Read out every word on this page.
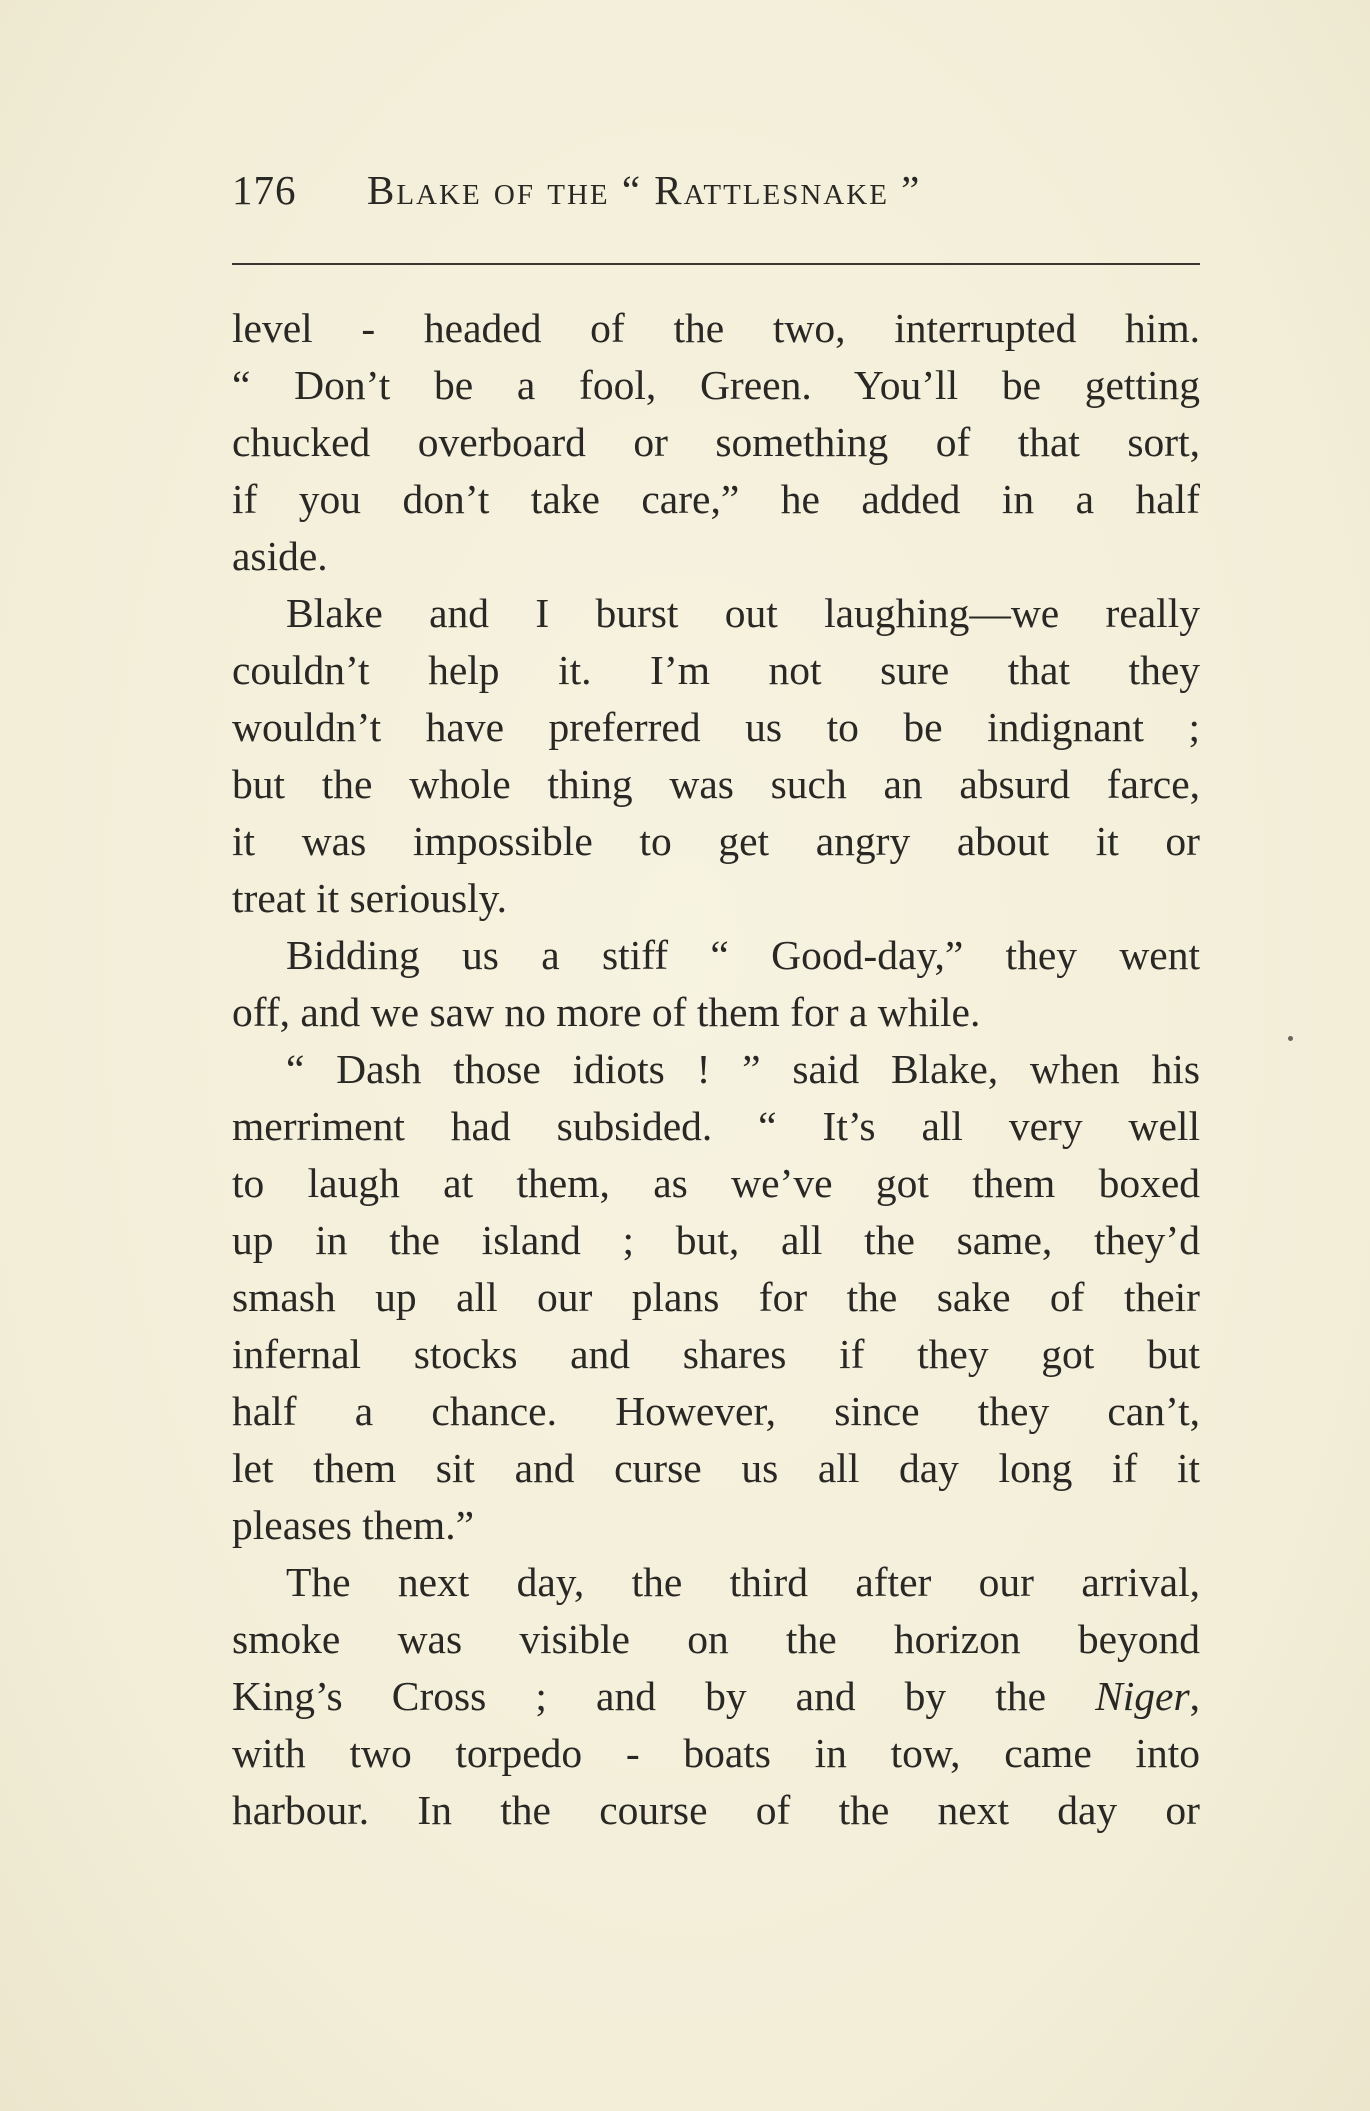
176 Blake of the “ Rattlesnake ”
level - headed of the two, interrupted him.
“ Don’t be a fool, Green. You’ll be getting
chucked overboard or something of that sort,
if you don’t take care,” he added in a half
aside.
Blake and I burst out laughing—we really
couldn’t help it. I’m not sure that they
wouldn’t have preferred us to be indignant ;
but the whole thing was such an absurd farce,
it was impossible to get angry about it or
treat it seriously.
Bidding us a stiff “ Good-day,” they went
off, and we saw no more of them for a while.
“ Dash those idiots ! ” said Blake, when his
merriment had subsided. “ It’s all very well
to laugh at them, as we’ve got them boxed
up in the island ; but, all the same, they’d
smash up all our plans for the sake of their
infernal stocks and shares if they got but
half a chance. However, since they can’t,
let them sit and curse us all day long if it
pleases them.”
The next day, the third after our arrival,
smoke was visible on the horizon beyond
King’s Cross ; and by and by the Niger,
with two torpedo - boats in tow, came into
harbour. In the course of the next day or
